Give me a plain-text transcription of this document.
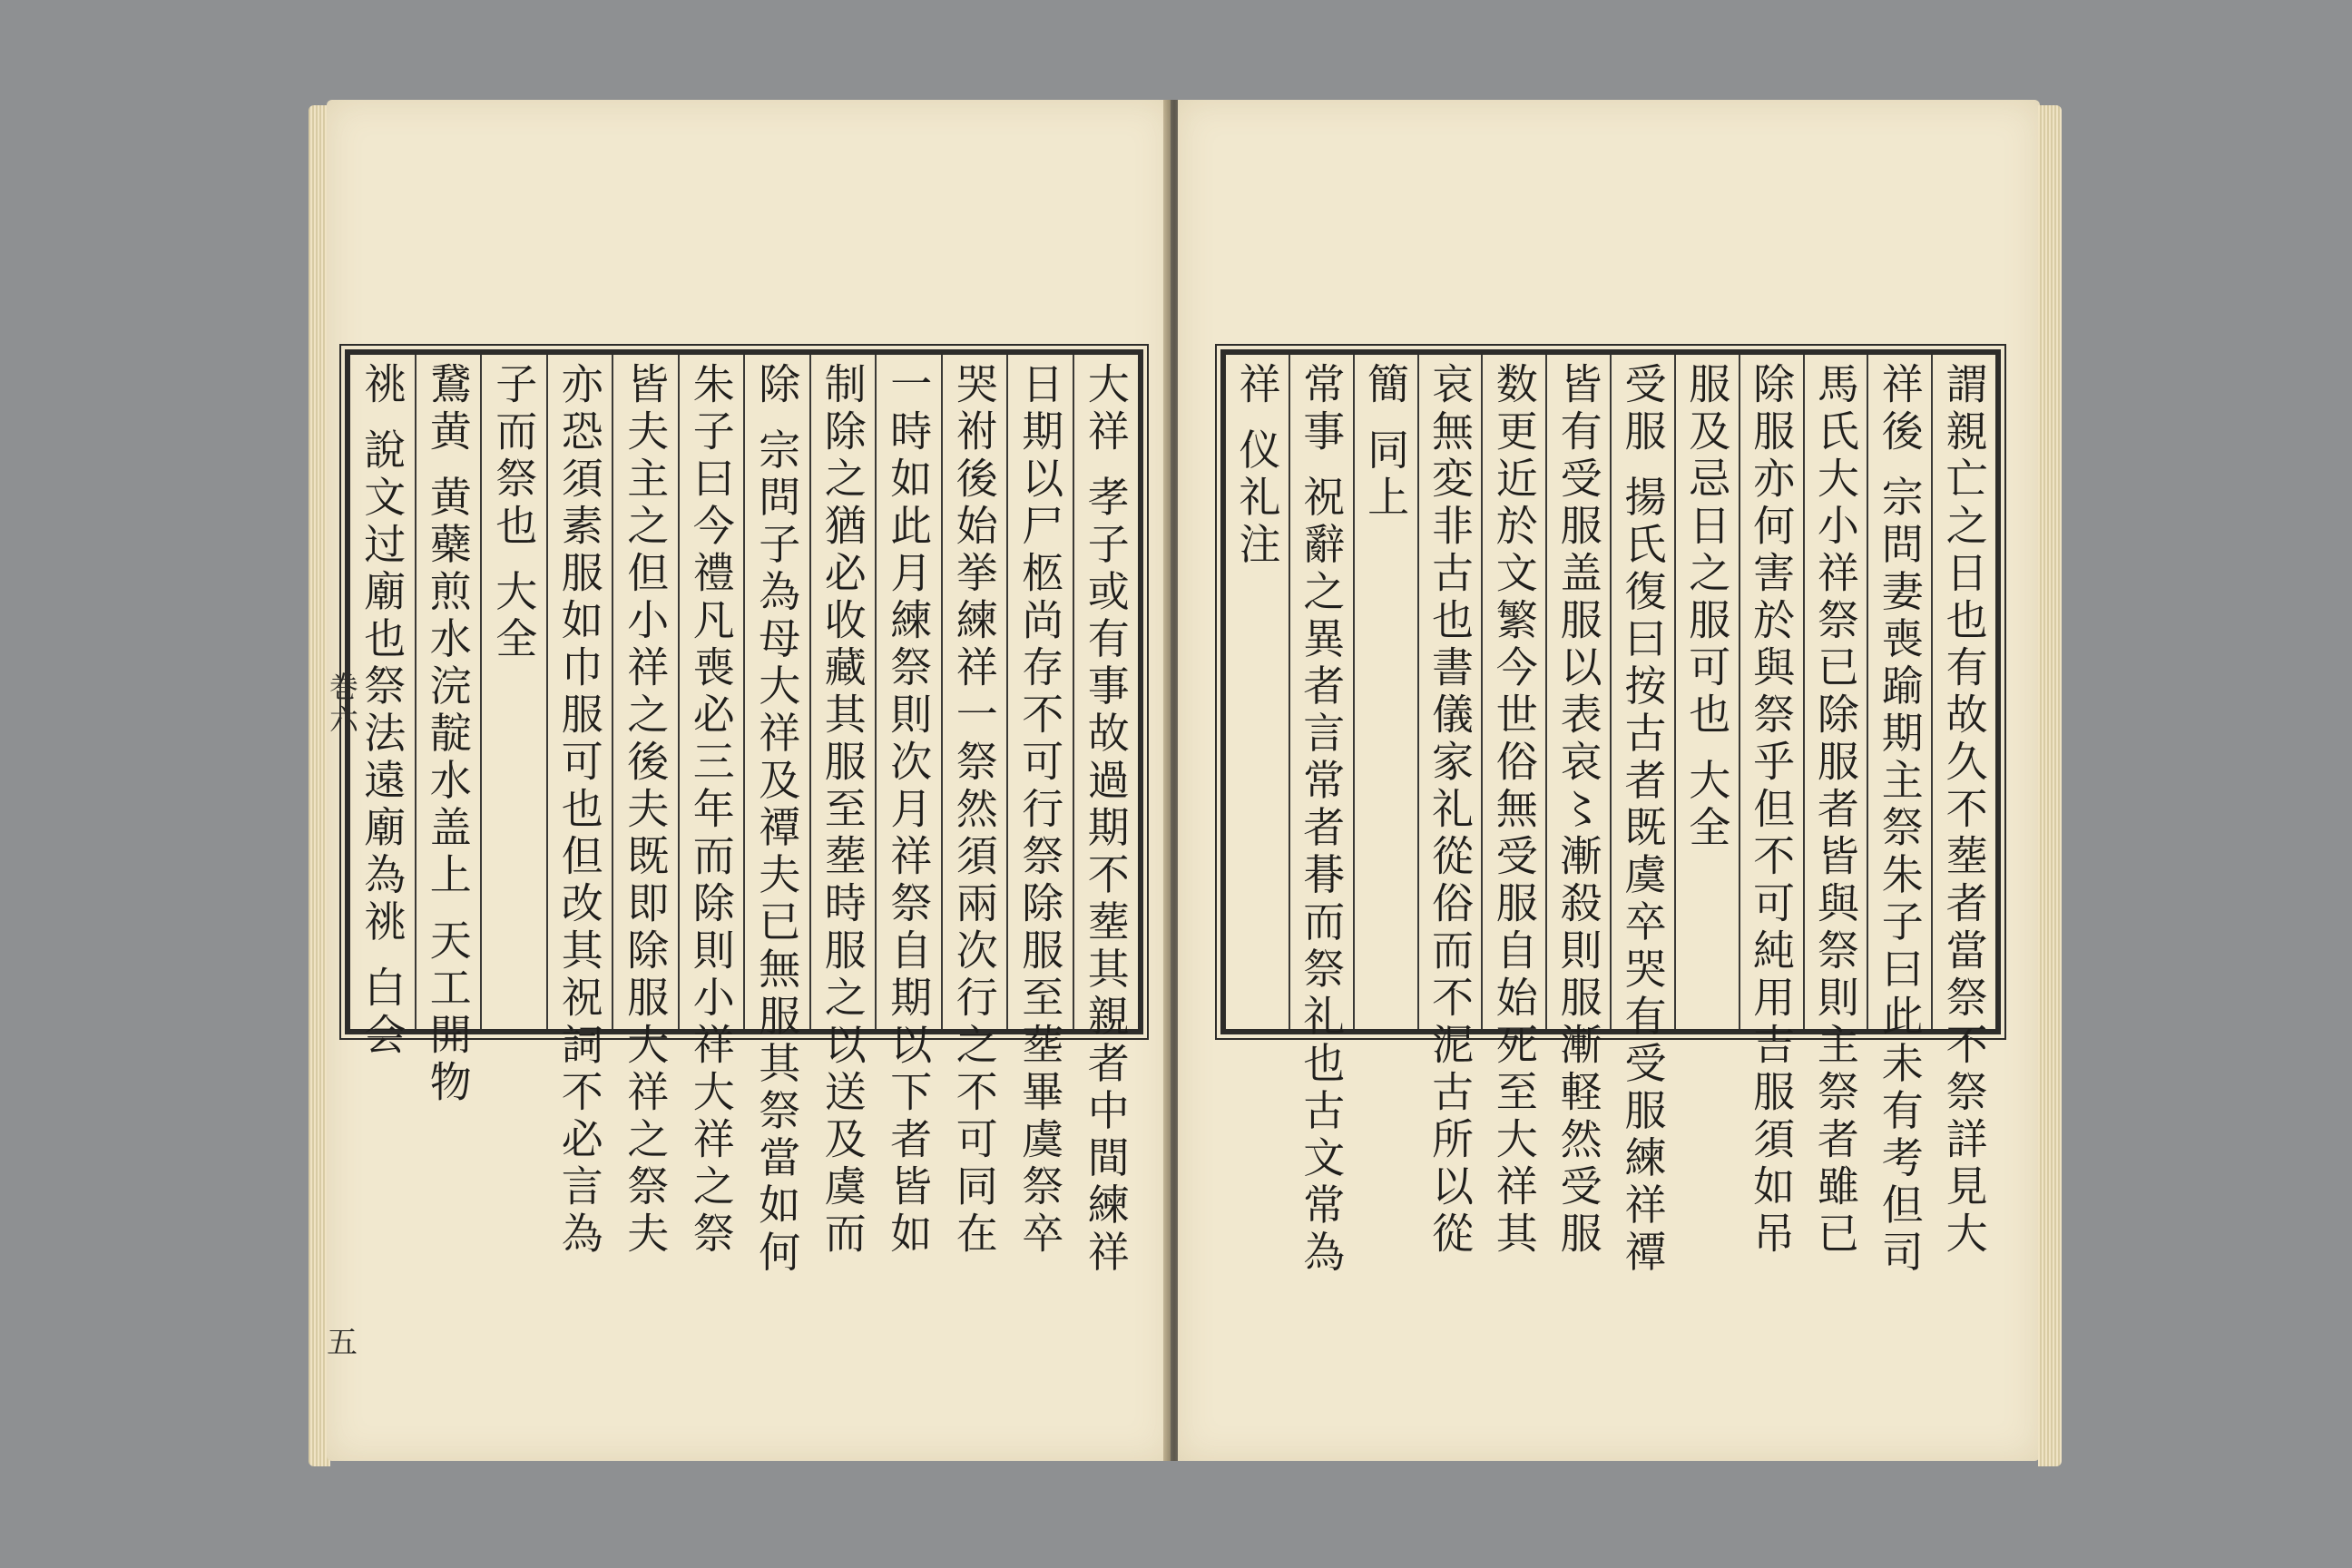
大祥 孝子或有事故過期不塟其親者中間練祥
日期以尸柩尚存不可行祭除服至塟畢虞祭卒
哭祔後始挙練祥一祭然須兩次行之不可同在
一時如此月練祭則次月祥祭自期以下者皆如
制除之猶必收藏其服至塟時服之以送及虞而
除 宗問子為母大祥及禫夫已無服其祭當如何
朱子曰今禮凡喪必三年而除則小祥大祥之祭
皆夫主之但小祥之後夫既即除服大祥之祭夫
亦恐須素服如巾服可也但改其祝詞不必言為
子而祭也 大全
鵞黄 黄蘗煎水浣靛水盖上 天工開物
祧 說文过廟也祭法遠廟為祧 白会
巻六
五
謂親亡之日也有故久不塟者當祭不祭詳見大
祥後 宗問妻喪踰期主祭朱子曰此未有考但司
馬氏大小祥祭已除服者皆與祭則主祭者雖已
除服亦何害於與祭乎但不可純用吉服須如吊
服及忌日之服可也 大全
受服 揚氏復曰按古者既虞卒哭有受服練祥禫
皆有受服盖服以表哀〻漸殺則服漸軽然受服
数更近於文繁今世俗無受服自始死至大祥其
哀無変非古也書儀家礼從俗而不泥古所以從
簡 同上
常事 祝辭之異者言常者朞而祭礼也古文常為
祥 仪礼注
